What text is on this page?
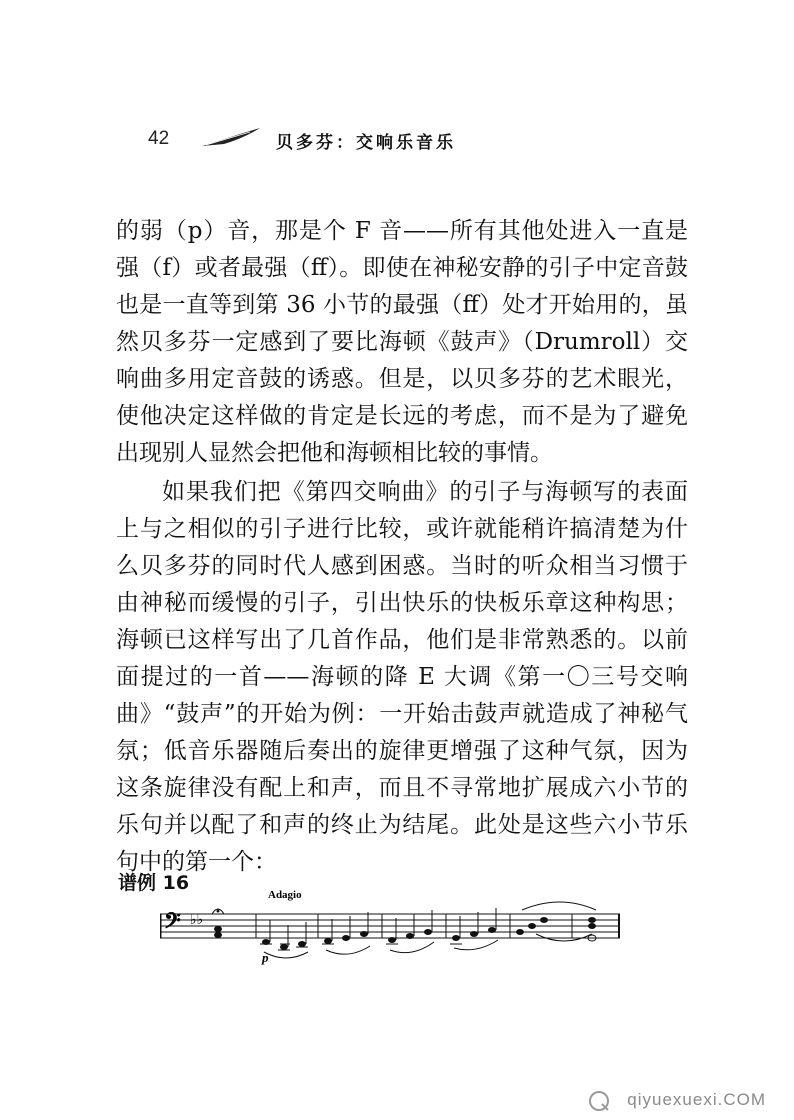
42	贝多芬：交响乐音乐

的弱（p）音，那是个 F 音——所有其他处进入一直是强（f）或者最强（ff）。即使在神秘安静的引子中定音鼓也是一直等到第 36 小节的最强（ff）处才开始用的，虽然贝多芬一定感到了要比海顿《鼓声》（Drumroll）交响曲多用定音鼓的诱惑。但是，以贝多芬的艺术眼光，使他决定这样做的肯定是长远的考虑，而不是为了避免出现别人显然会把他和海顿相比较的事情。

如果我们把《第四交响曲》的引子与海顿写的表面上与之相似的引子进行比较，或许就能稍许搞清楚为什么贝多芬的同时代人感到困惑。当时的听众相当习惯于由神秘而缓慢的引子，引出快乐的快板乐章这种构思；海顿已这样写出了几首作品，他们是非常熟悉的。以前面提过的一首——海顿的降 E 大调《第一〇三号交响曲》“鼓声”的开始为例：一开始击鼓声就造成了神秘气氛；低音乐器随后奏出的旋律更增强了这种气氛，因为这条旋律没有配上和声，而且不寻常地扩展成六小节的乐句并以配了和声的终止为结尾。此处是这些六小节乐句中的第一个：

谱例 16
Adagio
𝄢 ♭♭
p
qiyuexuexi.COM
